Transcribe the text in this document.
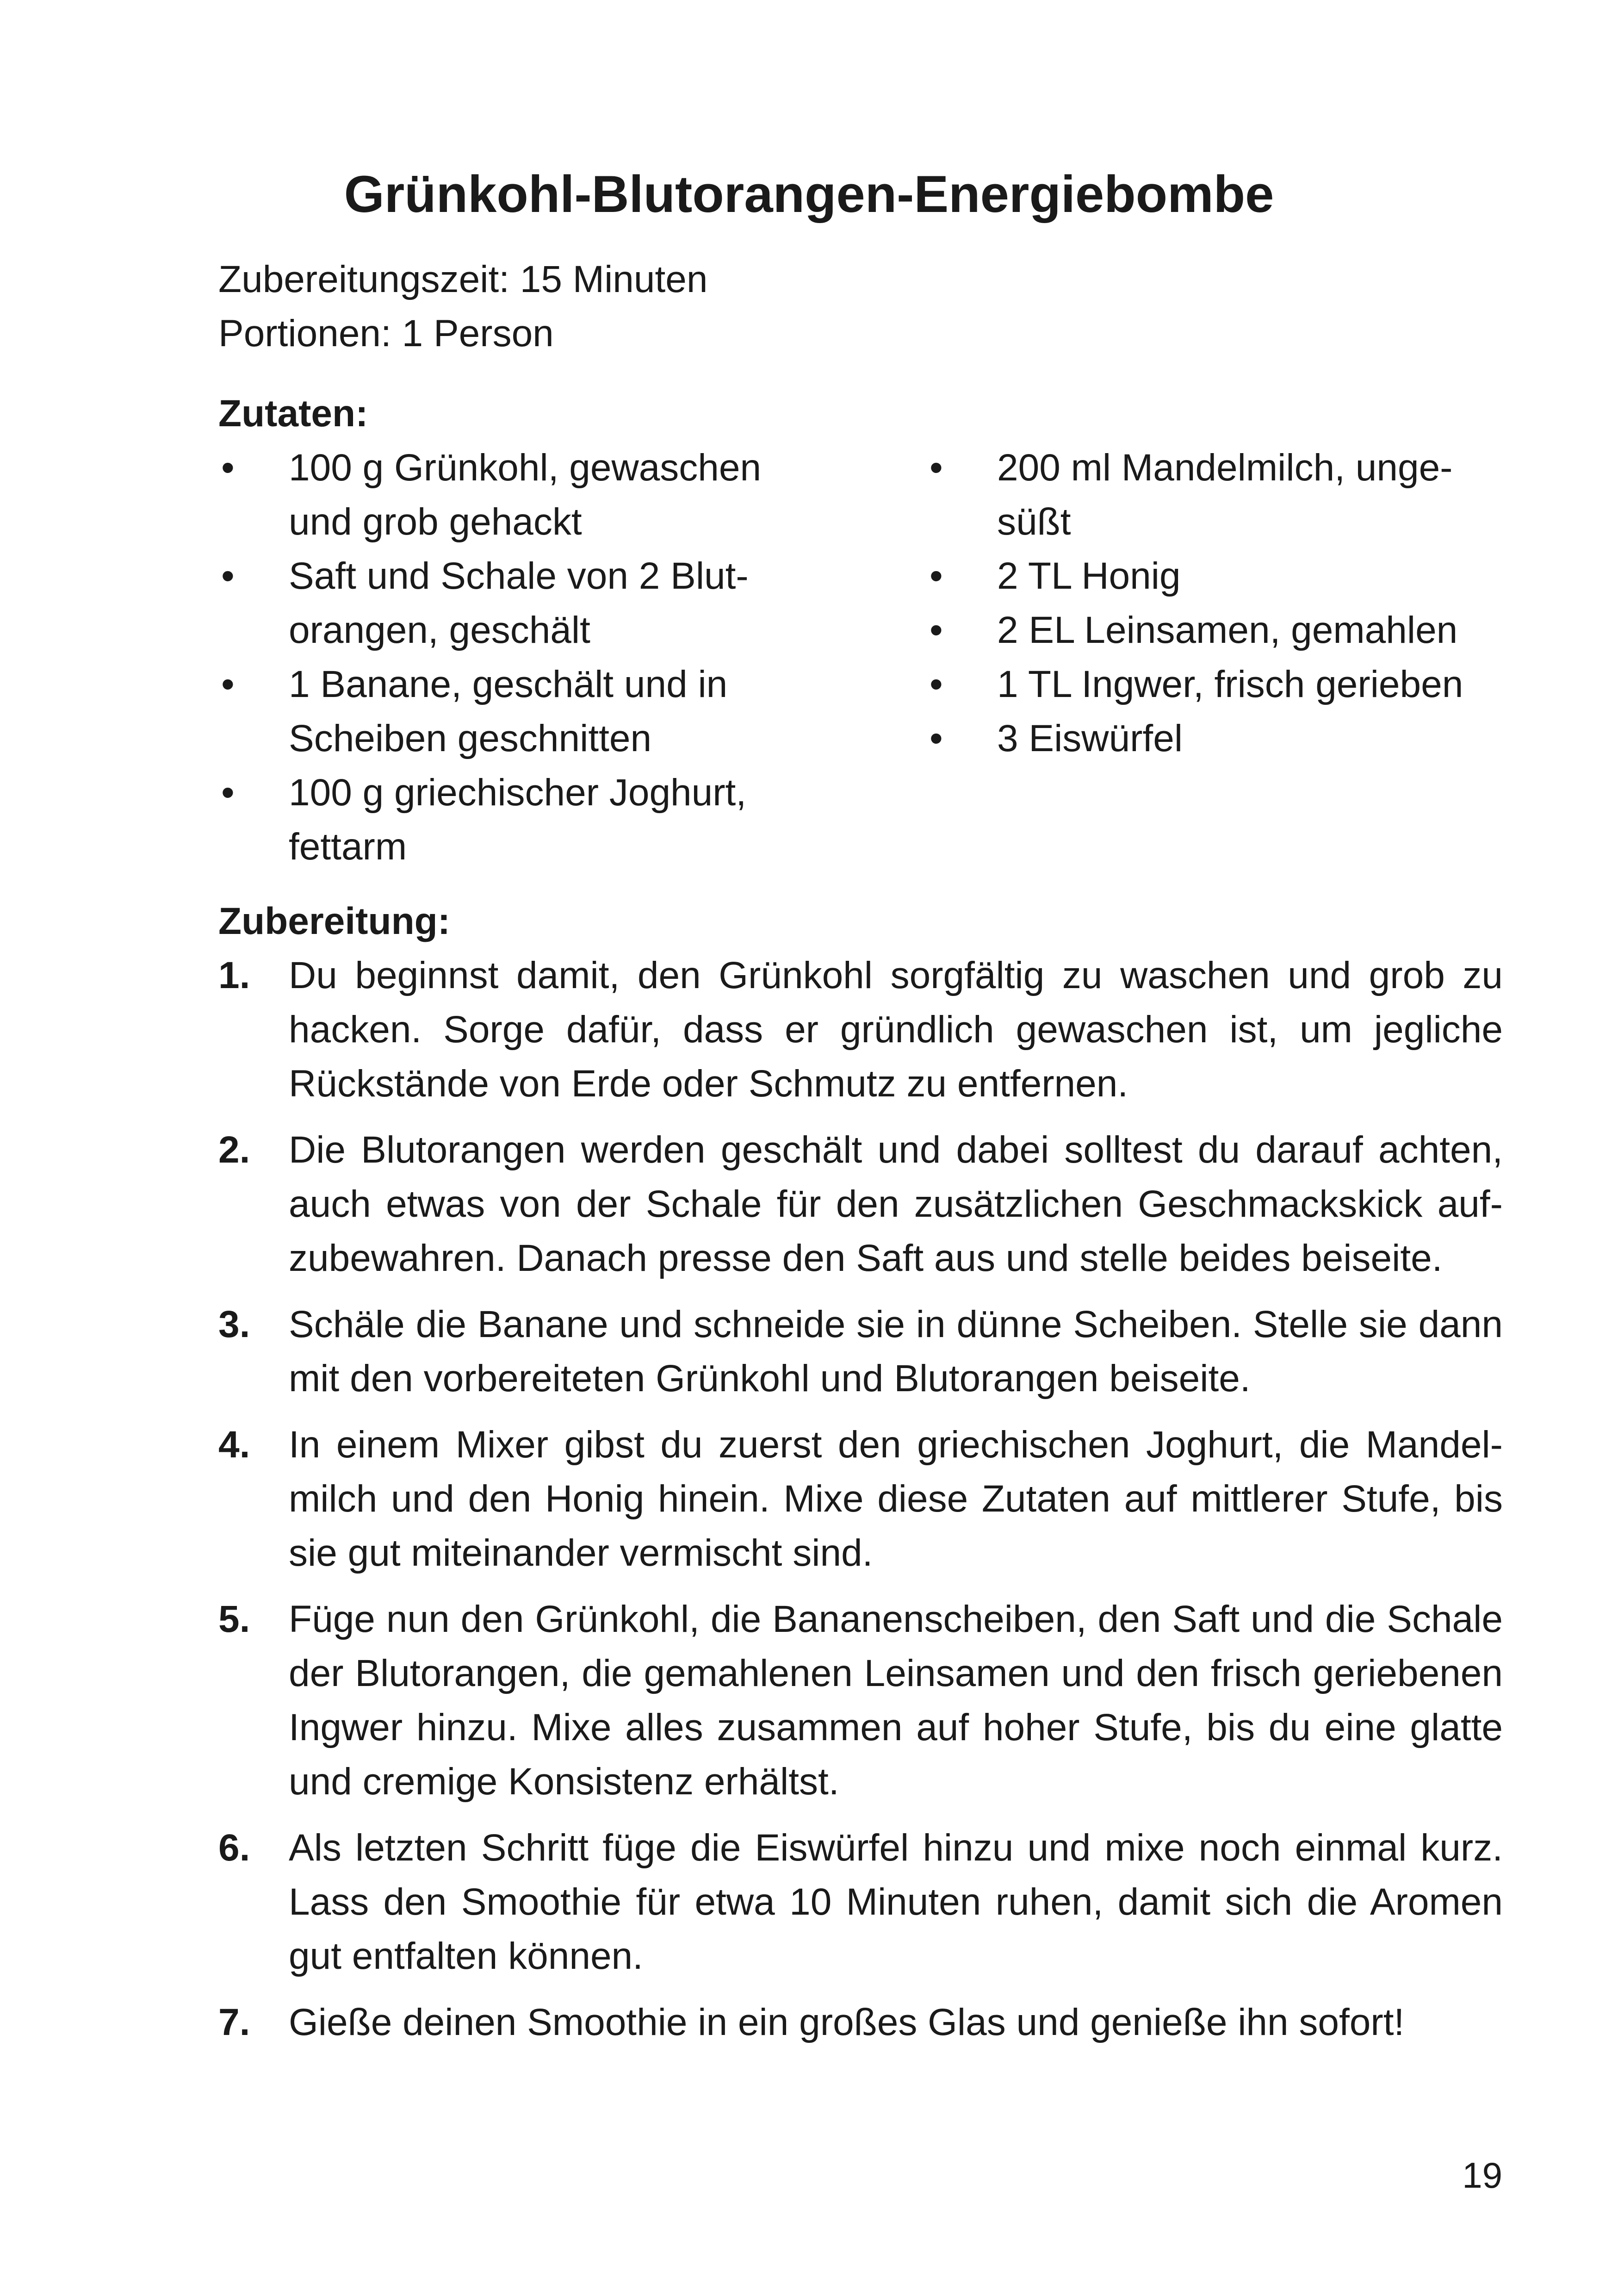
Grünkohl-Blutorangen-Energiebombe
Zubereitungszeit: 15 Minuten
Portionen: 1 Person
Zutaten:
•	100 g Grünkohl, gewaschen und grob gehackt
•	Saft und Schale von 2 Blut- orangen, geschält
•	1 Banane, geschält und in Scheiben geschnitten
•	100 g griechischer Joghurt, fettarm
•	200 ml Mandelmilch, unge- süßt
•	2 TL Honig
•	2 EL Leinsamen, gemahlen
•	1 TL Ingwer, frisch gerieben
•	3 Eiswürfel
Zubereitung:
1. Du beginnst damit, den Grünkohl sorgfältig zu waschen und grob zu hacken. Sorge dafür, dass er gründlich gewaschen ist, um jegliche Rückstände von Erde oder Schmutz zu entfernen.
2. Die Blutorangen werden geschält und dabei solltest du darauf achten, auch etwas von der Schale für den zusätzlichen Geschmackskick auf- zubewahren. Danach presse den Saft aus und stelle beides beiseite.
3. Schäle die Banane und schneide sie in dünne Scheiben. Stelle sie dann mit den vorbereiteten Grünkohl und Blutorangen beiseite.
4. In einem Mixer gibst du zuerst den griechischen Joghurt, die Mandel- milch und den Honig hinein. Mixe diese Zutaten auf mittlerer Stufe, bis sie gut miteinander vermischt sind.
5. Füge nun den Grünkohl, die Bananenscheiben, den Saft und die Schale der Blutorangen, die gemahlenen Leinsamen und den frisch geriebenen Ingwer hinzu. Mixe alles zusammen auf hoher Stufe, bis du eine glatte und cremige Konsistenz erhältst.
6. Als letzten Schritt füge die Eiswürfel hinzu und mixe noch einmal kurz. Lass den Smoothie für etwa 10 Minuten ruhen, damit sich die Aromen gut entfalten können.
7. Gieße deinen Smoothie in ein großes Glas und genieße ihn sofort!
19
